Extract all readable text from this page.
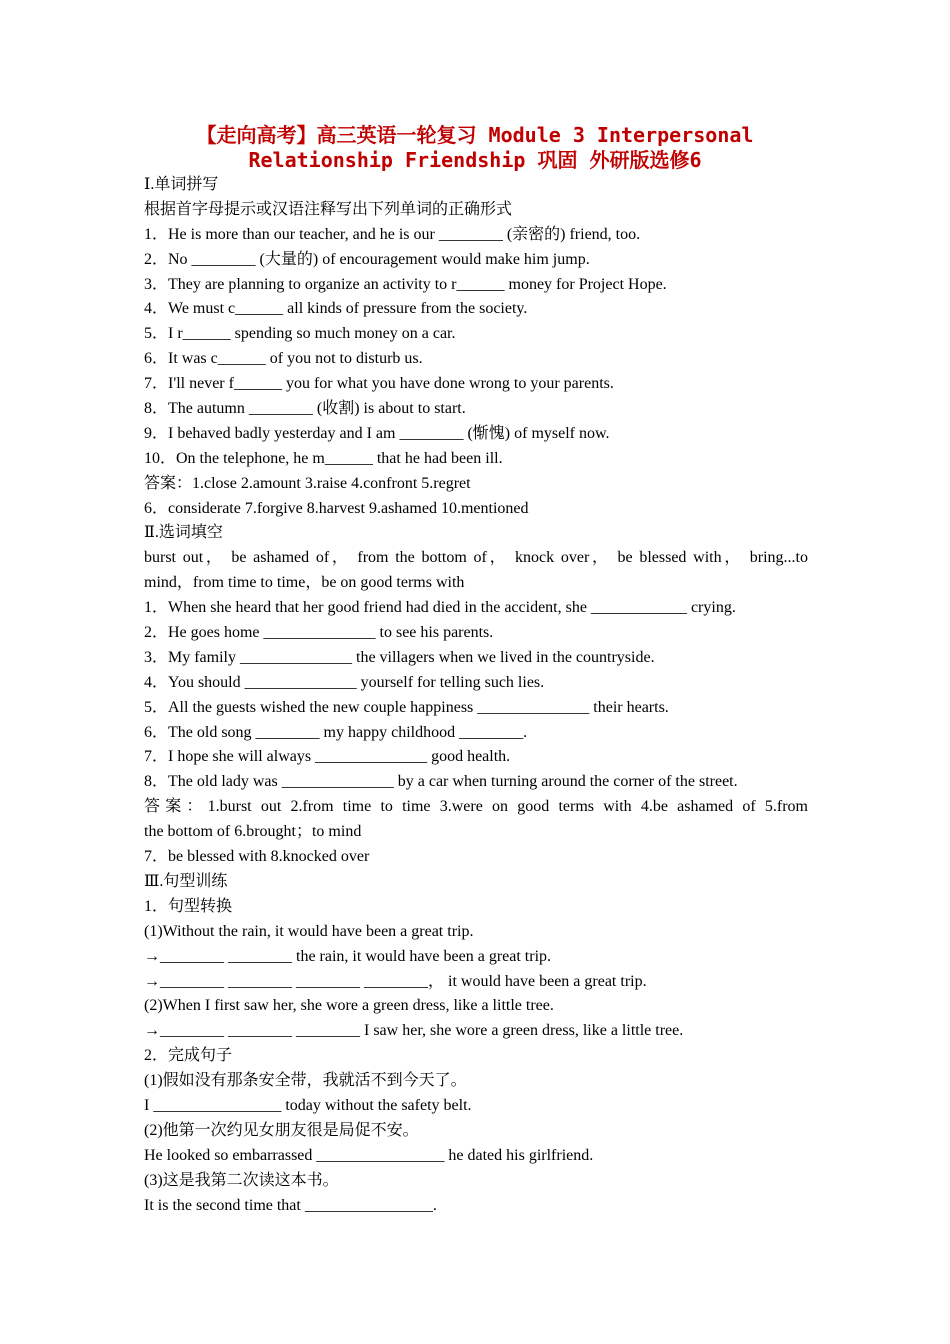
【走向高考】高三英语一轮复习 Module 3 Interpersonal
Relationship Friendship 巩固 外研版选修6
Ⅰ.单词拼写
根据首字母提示或汉语注释写出下列单词的正确形式
1．He is more than our teacher, and he is our ________ (亲密的) friend, too.
2．No ________ (大量的) of encouragement would make him jump.
3．They are planning to organize an activity to r______ money for Project Hope.
4．We must c______ all kinds of pressure from the society.
5．I r______ spending so much money on a car.
6．It was c______ of you not to disturb us.
7．I'll never f______ you for what you have done wrong to your parents.
8．The autumn ________ (收割) is about to start.
9．I behaved badly yesterday and I am ________ (惭愧) of myself now.
10．On the telephone, he m______ that he had been ill.
答案：1.close 2.amount 3.raise 4.confront 5.regret
6．considerate 7.forgive 8.harvest 9.ashamed 10.mentioned
Ⅱ.选词填空
burst out， be ashamed of， from the bottom of， knock over， be blessed with， bring...to
mind，from time to time，be on good terms with
1．When she heard that her good friend had died in the accident, she ____________ crying.
2．He goes home ______________ to see his parents.
3．My family ______________ the villagers when we lived in the countryside.
4．You should ______________ yourself for telling such lies.
5．All the guests wished the new couple happiness ______________ their hearts.
6．The old song ________ my happy childhood ________.
7．I hope she will always ______________ good health.
8．The old lady was ______________ by a car when turning around the corner of the street.
答案：1.burst out 2.from time to time 3.were on good terms with 4.be ashamed of 5.from
the bottom of 6.brought；to mind
7．be blessed with 8.knocked over
Ⅲ.句型训练
1．句型转换
(1)Without the rain, it would have been a great trip.
→________ ________ the rain, it would have been a great trip.
→________ ________ ________ ________， it would have been a great trip.
(2)When I first saw her, she wore a green dress, like a little tree.
→________ ________ ________ I saw her, she wore a green dress, like a little tree.
2．完成句子
(1)假如没有那条安全带，我就活不到今天了。
I ________________ today without the safety belt.
(2)他第一次约见女朋友很是局促不安。
He looked so embarrassed ________________ he dated his girlfriend.
(3)这是我第二次读这本书。
It is the second time that ________________.
